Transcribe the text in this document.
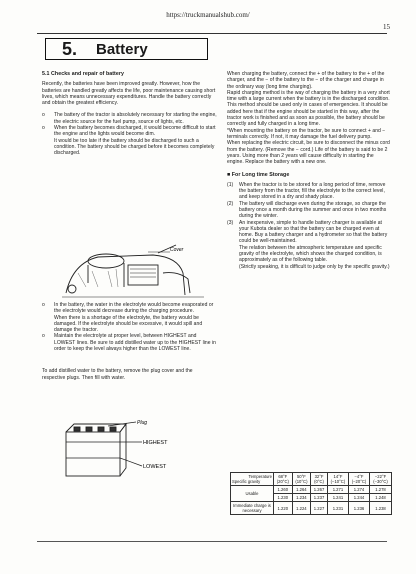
https://truckmanualshub.com/
15
5. Battery
5.1 Checks and repair of battery

Recently, the batteries have been improved greatly. However, how the batteries are handled greatly affects the life, poor maintenance causing short lives, which means unnecessary expenditures. Handle the battery correctly and obtain the greatest efficiency.

o	The battery of the tractor is absolutely necessary for starting the engine, the electric source for the fuel pump, source of lights, etc.
o	When the battery becomes discharged, it would become difficult to start the engine and the lights would become dim.
It would be too late if the battery should be discharged to such a condition. The battery should be charged before it becomes completely discharged.
Cover
o	In the battery, the water in the electrolyte would become evaporated or the electrolyte would decrease during the charging procedure.
When there is a shortage of the electrolyte, the battery would be damaged. If the electrolyte should be excessive, it would spill and damage the tractor.
o	Maintain the electrolyte at proper level, between HIGHEST and LOWEST lines. Be sure to add distilled water up to the HIGHEST line in order to keep the level always higher than the LOWEST line.

To add distilled water to the battery, remove the plug cover and the respective plugs. Then fill with water.

Plug
HIGHEST
LOWEST

When charging the battery, connect the + of the battery to the + of the charger, and the − of the battery to the − of the charger and charge in the ordinary way (long time charging).

Rapid charging method is the way of charging the battery in a very short time with a large current when the battery is in the discharged condition. This method should be used only in cases of emergencies. It should be added here that if the engine should be started in this way, after the tractor work is finished and as soon as possible, the battery should be correctly and fully charged in a long time.

*When mounting the battery on the tractor, be sure to connect + and − terminals correctly. If not, it may damage the fuel delivery pump.

When replacing the electric circuit, be sure to disconnect the minus cord from the battery. (Remove the − cord.) Life of the battery is said to be 2 years. Using more than 2 years will cause difficulty in starting the engine. Replace the battery with a new one.

■ For Long time Storage
(1)	When the tractor is to be stored for a long period of time, remove the battery from the tractor, fill the electrolyte to the correct level, and keep stored in a dry and shady place.
(2)	The battery will discharge even during the storage, so charge the battery once a month during the summer and once in two months during the winter.
(3)	An inexpensive, simple to handle battery charger is available at your Kubota dealer so that the battery can be charged even at home. Buy a battery charger and a hydrometer so that the battery could be well-maintained.

The relation between the atmospheric temperature and specific gravity of the electrolyte, which shows the charged condition, is approximately as of the following table.

(Strictly speaking, it is difficult to judge only by the specific gravity.)

Temperature
Specific gravity	68°F (20°C)	50°F (10°C)	32°F (0°C)	14°F (−10°C)	−4°F (−20°C)	−22°F (−30°C)
Usable	1.260	1.264	1.267	1.271	1.274	1.278
	1.230	1.234	1.237	1.241	1.244	1.248
Immediate charge is necessary	1.220	1.224	1.227	1.231	1.236	1.238
